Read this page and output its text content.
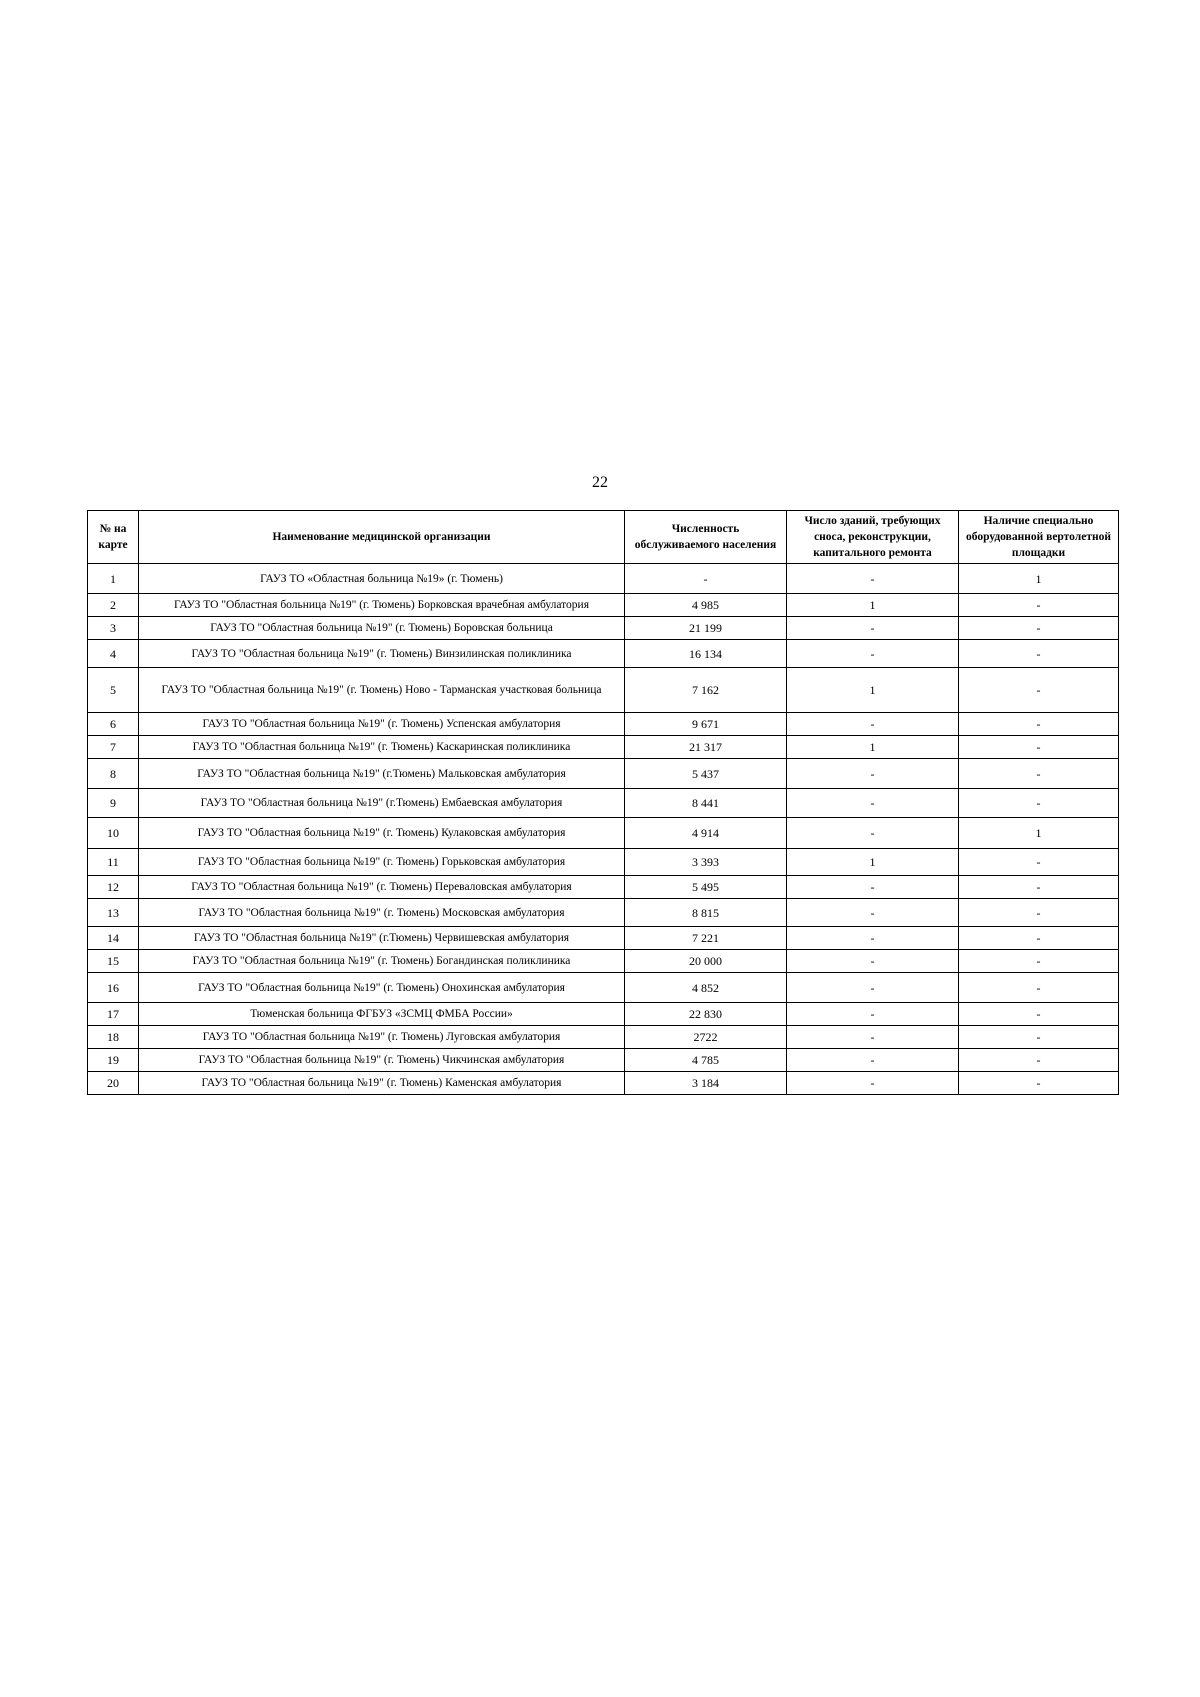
22
№ на карте	Наименование медицинской организации	Численность обслуживаемого населения	Число зданий, требующих сноса, реконструкции, капитального ремонта	Наличие специально оборудованной вертолетной площадки
1	ГАУЗ ТО «Областная больница №19» (г. Тюмень)	-	-	1
2	ГАУЗ ТО "Областная больница №19" (г. Тюмень) Борковская врачебная амбулатория	4 985	1	-
3	ГАУЗ ТО "Областная больница №19" (г. Тюмень) Боровская больница	21 199	-	-
4	ГАУЗ ТО "Областная больница №19" (г. Тюмень) Винзилинская поликлиника	16 134	-	-
5	ГАУЗ ТО "Областная больница №19" (г. Тюмень) Ново - Тарманская участковая больница	7 162	1	-
6	ГАУЗ ТО "Областная больница №19" (г. Тюмень) Успенская амбулатория	9 671	-	-
7	ГАУЗ ТО "Областная больница №19" (г. Тюмень) Каскаринская поликлиника	21 317	1	-
8	ГАУЗ ТО "Областная больница №19" (г.Тюмень) Мальковская амбулатория	5 437	-	-
9	ГАУЗ ТО "Областная больница №19" (г.Тюмень) Ембаевская амбулатория	8 441	-	-
10	ГАУЗ ТО "Областная больница №19" (г. Тюмень) Кулаковская амбулатория	4 914	-	1
11	ГАУЗ ТО "Областная больница №19" (г. Тюмень) Горьковская амбулатория	3 393	1	-
12	ГАУЗ ТО "Областная больница №19" (г. Тюмень) Переваловская амбулатория	5 495	-	-
13	ГАУЗ ТО "Областная больница №19" (г. Тюмень) Московская амбулатория	8 815	-	-
14	ГАУЗ ТО "Областная больница №19" (г.Тюмень) Червишевская амбулатория	7 221	-	-
15	ГАУЗ ТО "Областная больница №19" (г. Тюмень) Богандинская поликлиника	20 000	-	-
16	ГАУЗ ТО "Областная больница №19" (г. Тюмень) Онохинская амбулатория	4 852	-	-
17	Тюменская больница ФГБУЗ «ЗСМЦ ФМБА России»	22 830	-	-
18	ГАУЗ ТО "Областная больница №19" (г. Тюмень) Луговская амбулатория	2722	-	-
19	ГАУЗ ТО "Областная больница №19" (г. Тюмень) Чикчинская амбулатория	4 785	-	-
20	ГАУЗ ТО "Областная больница №19" (г. Тюмень) Каменская амбулатория	3 184	-	-
